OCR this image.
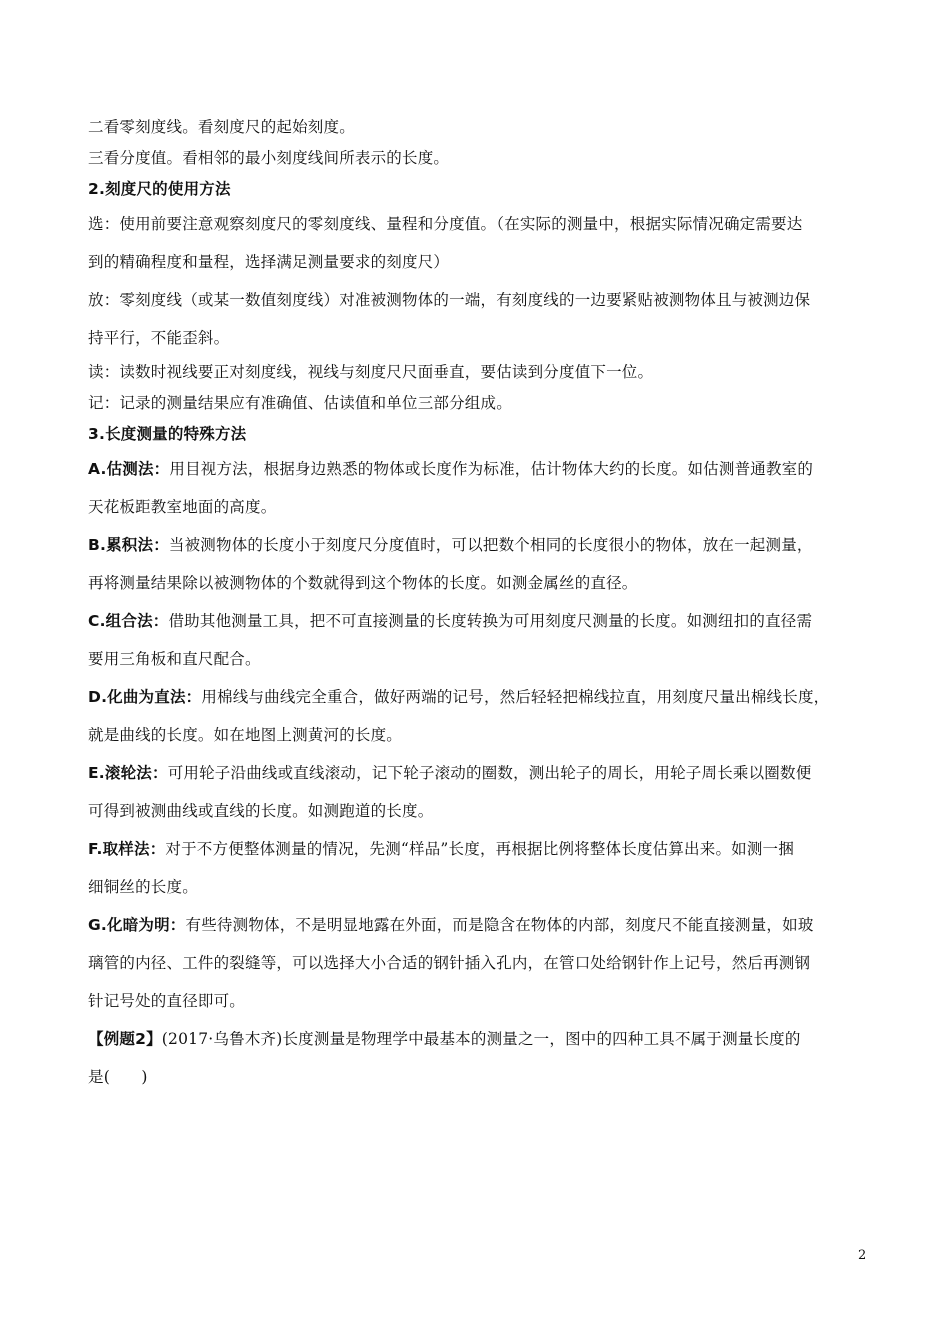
二看零刻度线。看刻度尺的起始刻度。
三看分度值。看相邻的最小刻度线间所表示的长度。
2.刻度尺的使用方法
选：使用前要注意观察刻度尺的零刻度线、量程和分度值。（在实际的测量中，根据实际情况确定需要达
到的精确程度和量程，选择满足测量要求的刻度尺）
放：零刻度线（或某一数值刻度线）对准被测物体的一端，有刻度线的一边要紧贴被测物体且与被测边保
持平行，不能歪斜。
读：读数时视线要正对刻度线，视线与刻度尺尺面垂直，要估读到分度值下一位。
记：记录的测量结果应有准确值、估读值和单位三部分组成。
3.长度测量的特殊方法
A.估测法：用目视方法，根据身边熟悉的物体或长度作为标准，估计物体大约的长度。如估测普通教室的
天花板距教室地面的高度。
B.累积法：当被测物体的长度小于刻度尺分度值时，可以把数个相同的长度很小的物体，放在一起测量，
再将测量结果除以被测物体的个数就得到这个物体的长度。如测金属丝的直径。
C.组合法：借助其他测量工具，把不可直接测量的长度转换为可用刻度尺测量的长度。如测纽扣的直径需
要用三角板和直尺配合。
D.化曲为直法：用棉线与曲线完全重合，做好两端的记号，然后轻轻把棉线拉直，用刻度尺量出棉线长度，
就是曲线的长度。如在地图上测黄河的长度。
E.滚轮法：可用轮子沿曲线或直线滚动，记下轮子滚动的圈数，测出轮子的周长，用轮子周长乘以圈数便
可得到被测曲线或直线的长度。如测跑道的长度。
F.取样法：对于不方便整体测量的情况，先测“样品”长度，再根据比例将整体长度估算出来。如测一捆
细铜丝的长度。
G.化暗为明：有些待测物体，不是明显地露在外面，而是隐含在物体的内部，刻度尺不能直接测量，如玻
璃管的内径、工件的裂缝等，可以选择大小合适的钢针插入孔内，在管口处给钢针作上记号，然后再测钢
针记号处的直径即可。
【例题2】(2017·乌鲁木齐)长度测量是物理学中最基本的测量之一，图中的四种工具不属于测量长度的
是(　　)
2
